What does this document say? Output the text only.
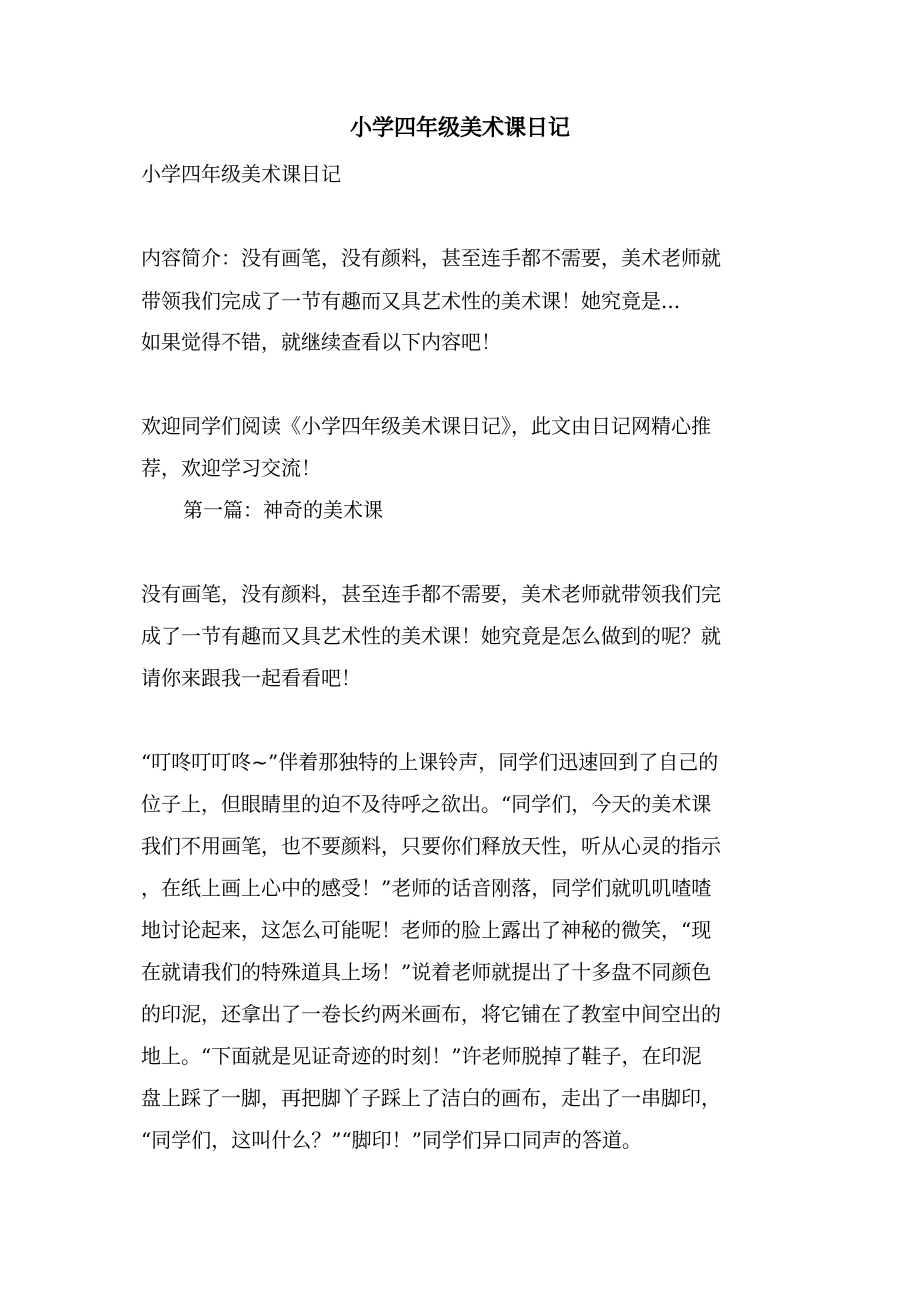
小学四年级美术课日记
小学四年级美术课日记
内容简介：没有画笔，没有颜料，甚至连手都不需要，美术老师就
带领我们完成了一节有趣而又具艺术性的美术课！她究竟是...
如果觉得不错，就继续查看以下内容吧！
欢迎同学们阅读《小学四年级美术课日记》，此文由日记网精心推
荐，欢迎学习交流！
第一篇：神奇的美术课
没有画笔，没有颜料，甚至连手都不需要，美术老师就带领我们完
成了一节有趣而又具艺术性的美术课！她究竟是怎么做到的呢？就
请你来跟我一起看看吧！
“叮咚叮叮咚~”伴着那独特的上课铃声，同学们迅速回到了自己的
位子上，但眼睛里的迫不及待呼之欲出。“同学们，今天的美术课
我们不用画笔，也不要颜料，只要你们释放天性，听从心灵的指示
，在纸上画上心中的感受！”老师的话音刚落，同学们就叽叽喳喳
地讨论起来，这怎么可能呢！老师的脸上露出了神秘的微笑，“现
在就请我们的特殊道具上场！”说着老师就提出了十多盘不同颜色
的印泥，还拿出了一卷长约两米画布，将它铺在了教室中间空出的
地上。“下面就是见证奇迹的时刻！”许老师脱掉了鞋子，在印泥
盘上踩了一脚，再把脚丫子踩上了洁白的画布，走出了一串脚印，
“同学们，这叫什么？”“脚印！”同学们异口同声的答道。
